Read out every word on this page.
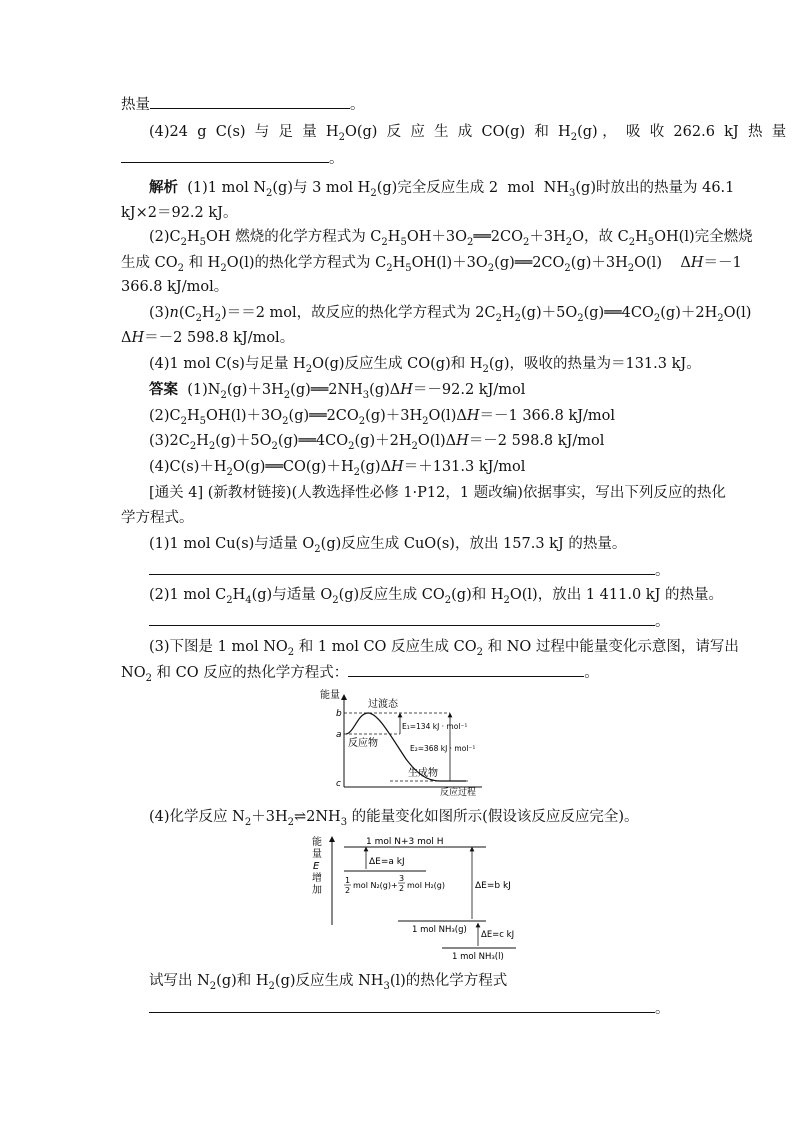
热量	。
(4)24  g  C(s)  与  足  量  $H_2O(g)$  反  应  生  成  CO(g)  和  $H_2(g)$ ，  吸  收  262.6  kJ  热  量
。
解析  (1)1 mol $N_2(g)$与 3 mol $H_2(g)$完全反应生成 2  mol  $NH_3(g)$时放出的热量为 46.1
kJ×2＝92.2 kJ。
$(2)C_2H_5OH$ 燃烧的化学方程式为 $C_2H_5OH+3O_2══2CO_2+3H_2O$，故 $C_2H_5OH(l)$完全燃烧
生成 $CO_2$ 和 $H_2O(l)$的热化学方程式为 $C_2H_5OH(l)+3O_2(g)══2CO_2(g)+3H_2O(l)$    ΔH＝－1
366.8 kJ/mol。
$(3)n(C_2H_2)==2$ mol，故反应的热化学方程式为 $2C_2H_2(g)+5O_2(g)══4CO_2(g)+2H_2O(l)$
ΔH＝－2 598.8 kJ/mol。
(4)1 mol C(s)与足量 $H_2O(g)$反应生成 CO(g)和 $H_2(g)$，吸收的热量为＝131.3 kJ。
答案  $(1)N_2(g)+3H_2(g)══2NH_3(g)\Delta H=-92.2$ kJ/mol
$(2)C_2H_5OH(l)+3O_2(g)══2CO_2(g)+3H_2O(l)\Delta H=-1$ 366.8 kJ/mol
$(3)2C_2H_2(g)+5O_2(g)══4CO_2(g)+2H_2O(l)\Delta H=-2$ 598.8 kJ/mol
$(4)C(s)+H_2O(g)══CO(g)+H_2(g)\Delta H=+131.3$ kJ/mol
[通关 4] (新教材链接)(人教选择性必修 1·P12，1 题改编)依据事实，写出下列反应的热化
学方程式。
(1)1 mol Cu(s)与适量 $O_2(g)$反应生成 CuO(s)，放出 157.3 kJ 的热量。
。
(2)1 mol $C_2H_4(g)$与适量 $O_2(g)$反应生成 $CO_2(g)$和 $H_2O(l)$，放出 1 411.0 kJ 的热量。
。
(3)下图是 1 mol $NO_2$ 和 1 mol CO 反应生成 $CO_2$ 和 NO 过程中能量变化示意图，请写出
$NO_2$ 和 CO 反应的热化学方程式：	。
(4)化学反应 $N_2+3H_2\rightleftharpoons 2NH_3$ 的能量变化如图所示(假设该反应反应完全)。
试写出 $N_2(g)$和 $H_2(g)$反应生成 $NH_3(l)$的热化学方程式
。
能量
b
a
c
过渡态
反应物
生成物
E₁=134 kJ · mol⁻¹
E₂=368 kJ · mol⁻¹
反应过程
能
量
E
增
加
1 mol N+3 mol H
ΔE=a kJ
1
2
3
2
mol N₂(g)+ mol H₂(g)	ΔE=b kJ
1 mol NH₃(g) ΔE=c kJ
1 mol NH₃(l)
